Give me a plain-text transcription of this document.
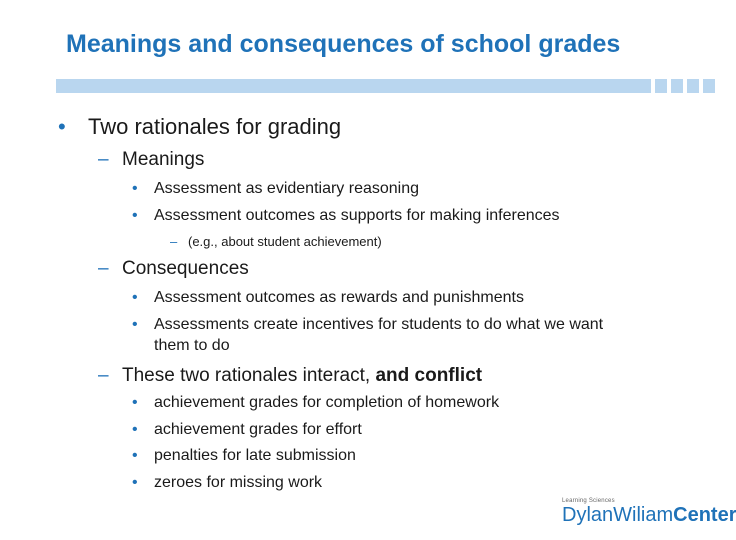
Meanings and consequences of school grades
• Two rationales for grading
– Meanings
• Assessment as evidentiary reasoning
• Assessment outcomes as supports for making inferences
– (e.g., about student achievement)
– Consequences
• Assessment outcomes as rewards and punishments
• Assessments create incentives for students to do what we want
them to do
– These two rationales interact, and conflict
• achievement grades for completion of homework
• achievement grades for effort
• penalties for late submission
• zeroes for missing work
Learning Sciences
DylanWiliamCenter
